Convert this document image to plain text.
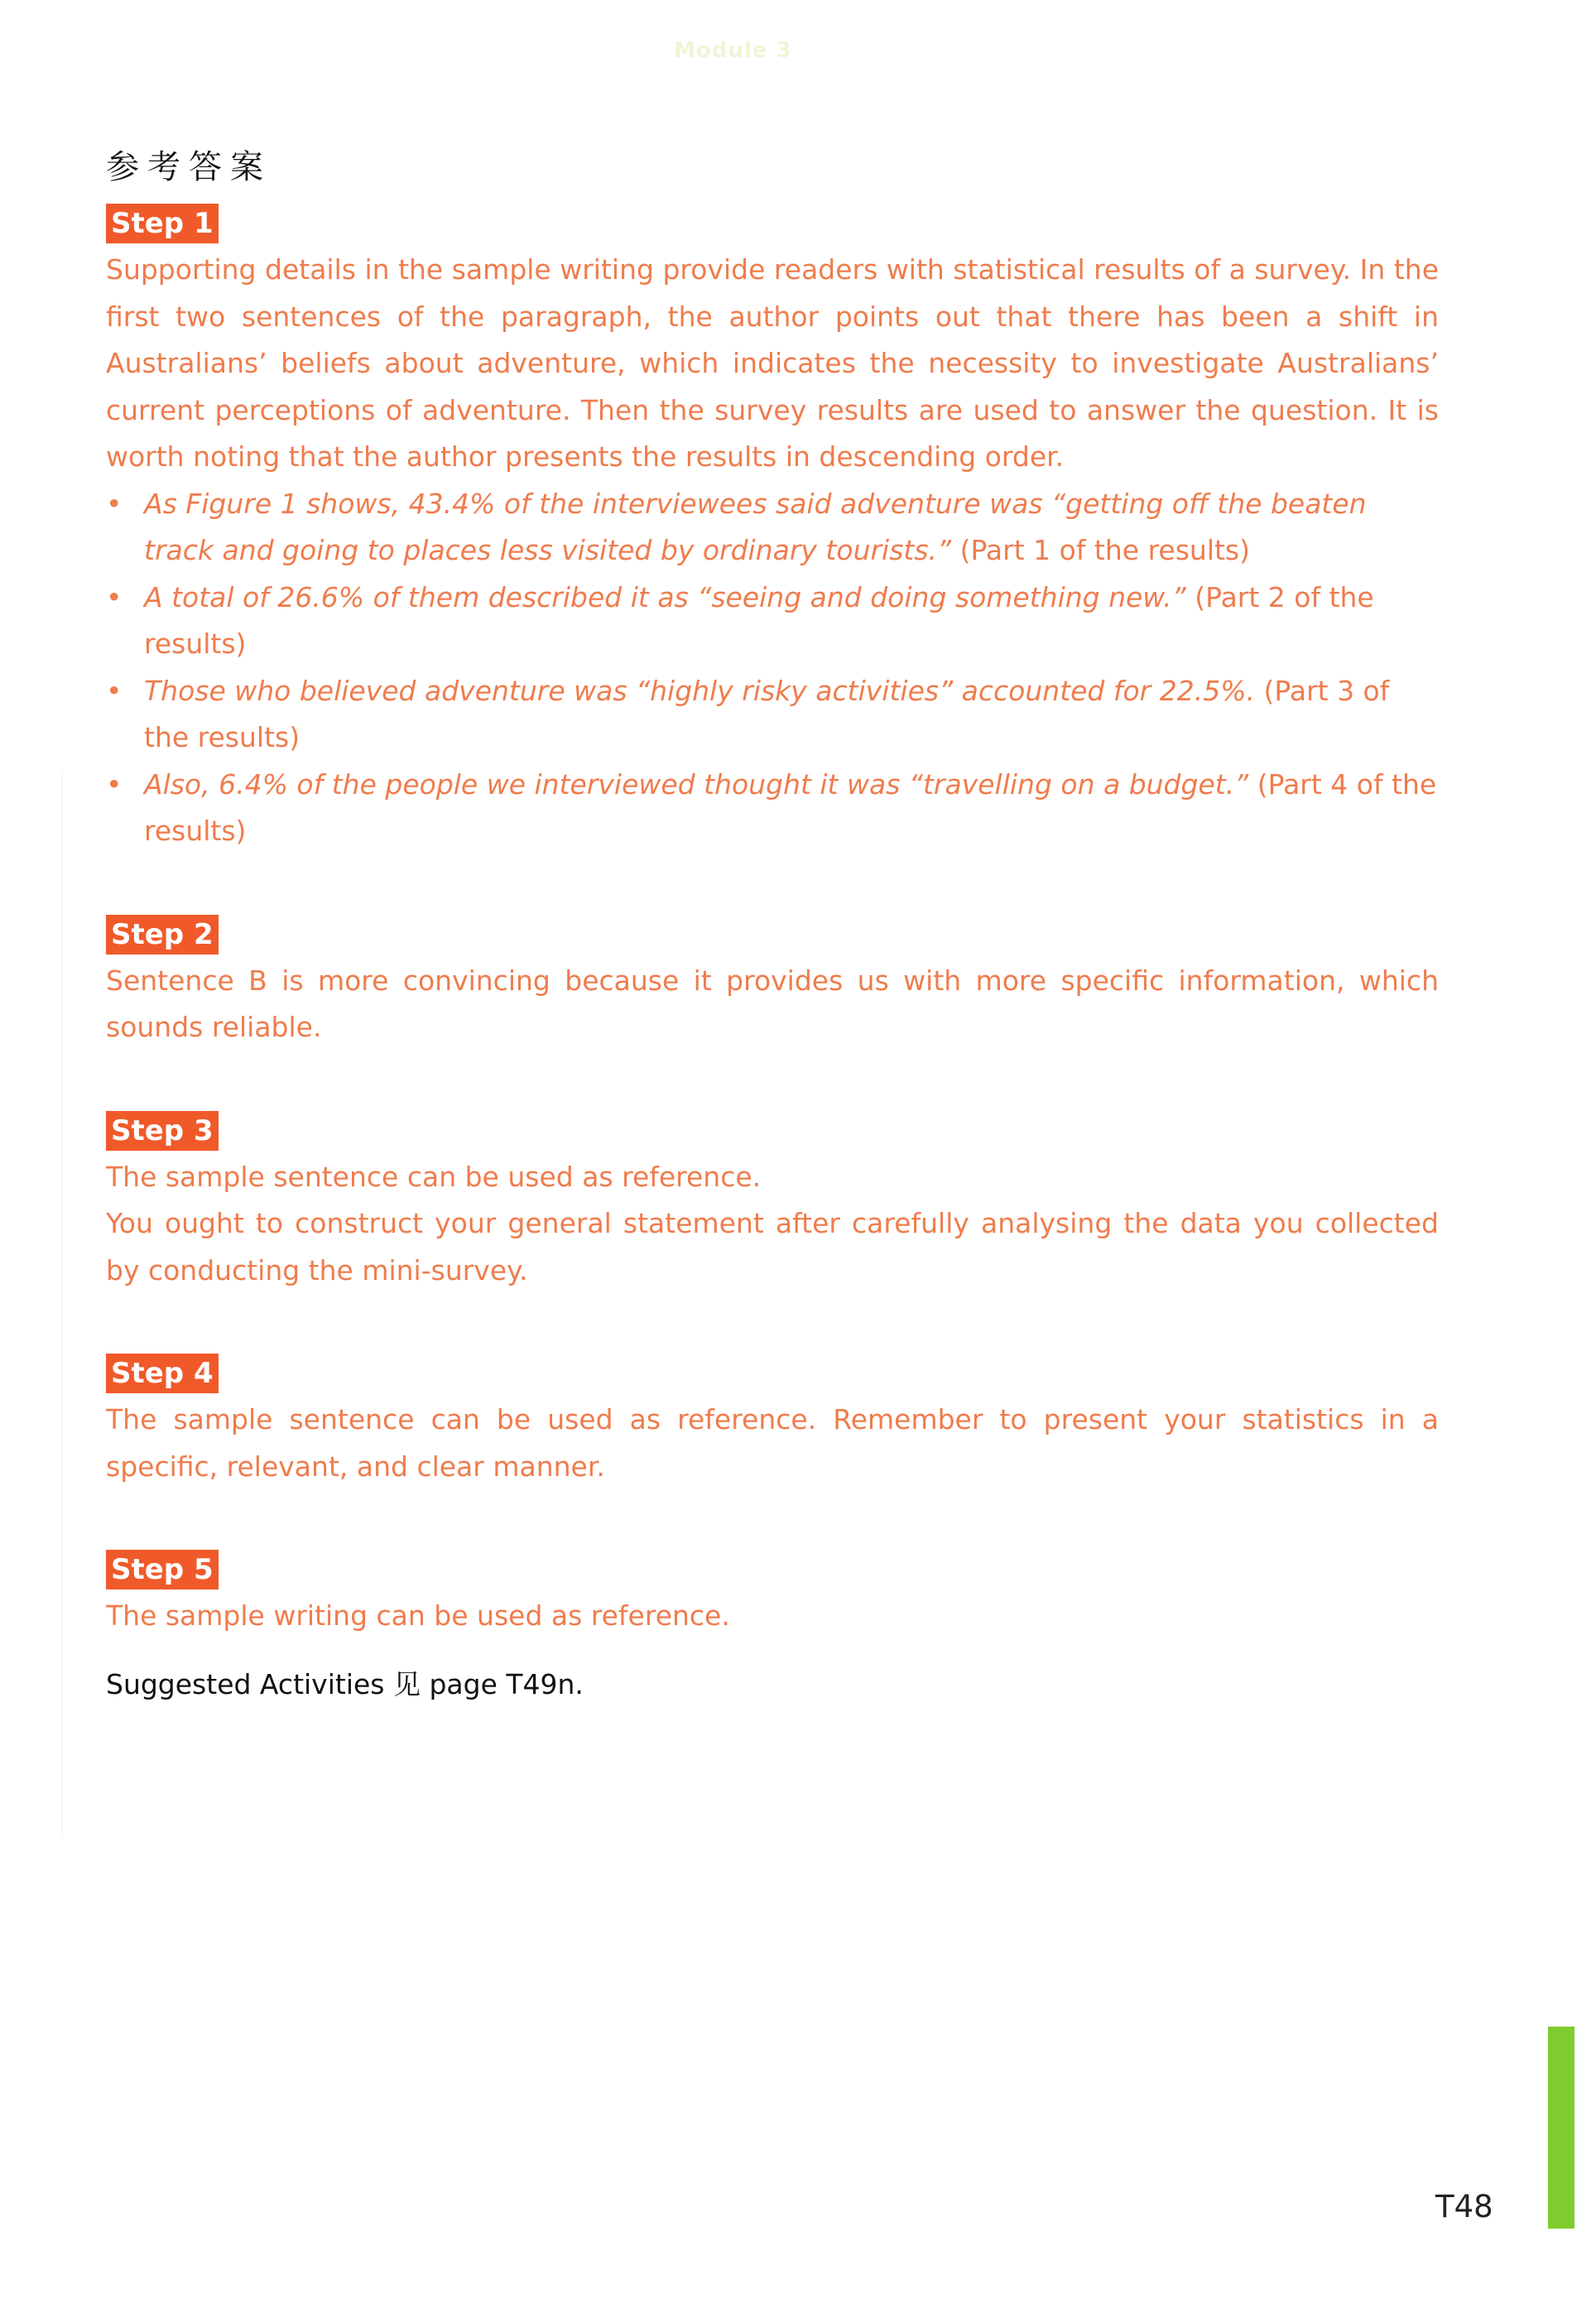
Module 3
参考答案
Step 1

Supporting details in the sample writing provide readers with statistical results of a survey. In the first two sentences of the paragraph, the author points out that there has been a shift in Australians’ beliefs about adventure, which indicates the necessity to investigate Australians’ current perceptions of adventure. Then the survey results are used to answer the question. It is worth noting that the author presents the results in descending order.

• As Figure 1 shows, 43.4% of the interviewees said adventure was “getting off the beaten track and going to places less visited by ordinary tourists.” (Part 1 of the results)
• A total of 26.6% of them described it as “seeing and doing something new.” (Part 2 of the results)
• Those who believed adventure was “highly risky activities” accounted for 22.5%. (Part 3 of the results)
• Also, 6.4% of the people we interviewed thought it was “travelling on a budget.” (Part 4 of the results)
Step 2

Sentence B is more convincing because it provides us with more specific information, which sounds reliable.

Step 3

The sample sentence can be used as reference.

You ought to construct your general statement after carefully analysing the data you collected by conducting the mini-survey.

Step 4

The sample sentence can be used as reference. Remember to present your statistics in a specific, relevant, and clear manner.

Step 5

The sample writing can be used as reference.

Suggested Activities 见 page T49n.
T48
